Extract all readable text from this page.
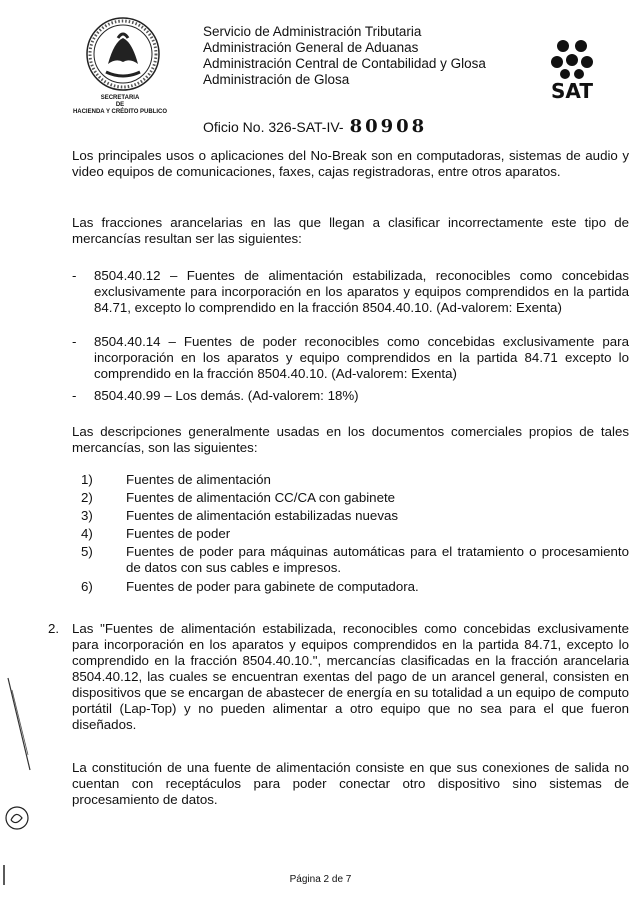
SECRETARIA
DE
HACIENDA Y CRÉDITO PUBLICO
Servicio de Administración Tributaria
Administración General de Aduanas
Administración Central de Contabilidad y Glosa
Administración de Glosa	SAT
Oficio No. 326-SAT-IV- 80908
Los principales usos o aplicaciones del No-Break son en computadoras, sistemas de audio y video equipos de comunicaciones, faxes, cajas registradoras, entre otros aparatos.
Las fracciones arancelarias en las que llegan a clasificar incorrectamente este tipo de mercancías resultan ser las siguientes:
- 8504.40.12 – Fuentes de alimentación estabilizada, reconocibles como concebidas exclusivamente para incorporación en los aparatos y equipos comprendidos en la partida 84.71, excepto lo comprendido en la fracción 8504.40.10. (Ad-valorem: Exenta)
- 8504.40.14 – Fuentes de poder reconocibles como concebidas exclusivamente para incorporación en los aparatos y equipo comprendidos en la partida 84.71 excepto lo comprendido en la fracción 8504.40.10. (Ad-valorem: Exenta)
- 8504.40.99 – Los demás. (Ad-valorem: 18%)
Las descripciones generalmente usadas en los documentos comerciales propios de tales mercancías, son las siguientes:
1) Fuentes de alimentación
2) Fuentes de alimentación CC/CA con gabinete
3) Fuentes de alimentación estabilizadas nuevas
4) Fuentes de poder
5) Fuentes de poder para máquinas automáticas para el tratamiento o procesamiento de datos con sus cables e impresos.
6) Fuentes de poder para gabinete de computadora.
2. Las "Fuentes de alimentación estabilizada, reconocibles como concebidas exclusivamente para incorporación en los aparatos y equipos comprendidos en la partida 84.71, excepto lo comprendido en la fracción 8504.40.10.", mercancías clasificadas en la fracción arancelaria 8504.40.12, las cuales se encuentran exentas del pago de un arancel general, consisten en dispositivos que se encargan de abastecer de energía en su totalidad a un equipo de computo portátil (Lap-Top) y no pueden alimentar a otro equipo que no sea para el que fueron diseñados.
La constitución de una fuente de alimentación consiste en que sus conexiones de salida no cuentan con receptáculos para poder conectar otro dispositivo sino sistemas de procesamiento de datos.
Página 2 de 7
